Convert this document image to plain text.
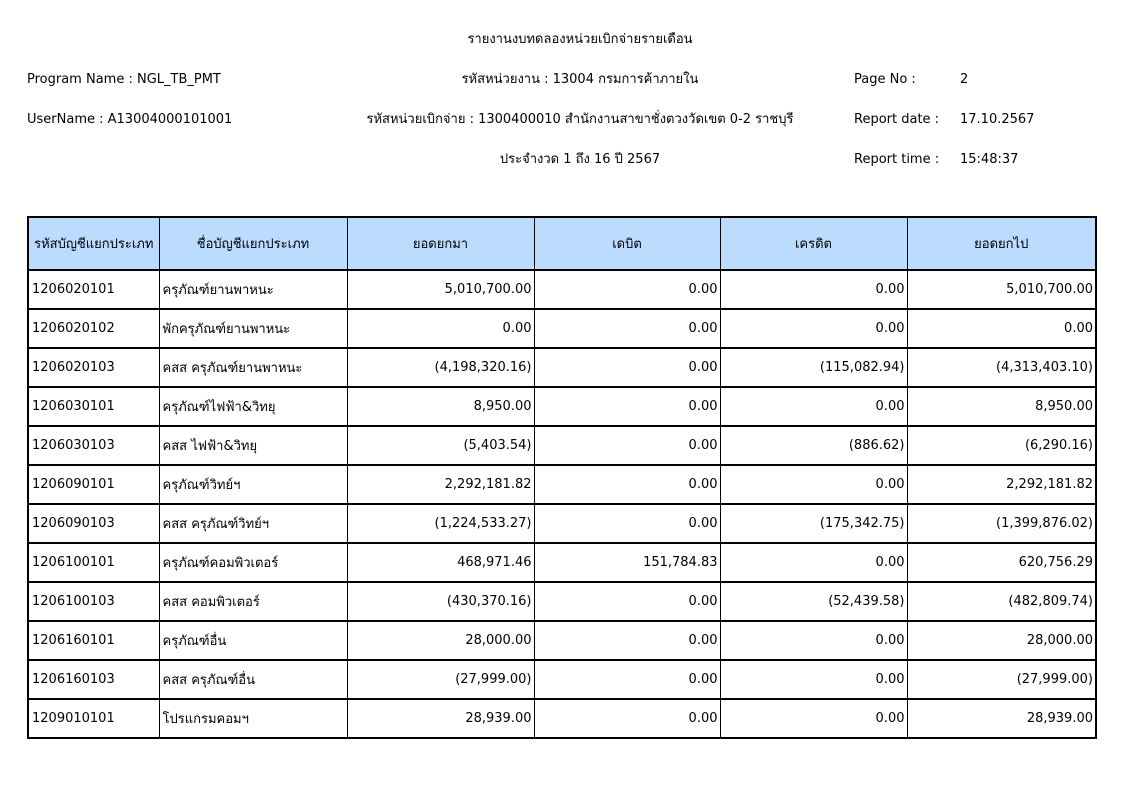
รายงานงบทดลองหน่วยเบิกจ่ายรายเดือน
Program Name : NGL_TB_PMT	รหัสหน่วยงาน : 13004 กรมการค้าภายใน	Page No :	2
UserName : A13004000101001	รหัสหน่วยเบิกจ่าย : 1300400010 สำนักงานสาขาชั่งตวงวัดเขต 0-2 ราชบุรี	Report date : 17.10.2567
ประจำงวด 1 ถึง 16 ปี 2567	Report time : 15:48:37
รหัสบัญชีแยกประเภท	ชื่อบัญชีแยกประเภท	ยอดยกมา	เดบิต	เครดิต	ยอดยกไป
1206020101	ครุภัณฑ์ยานพาหนะ	5,010,700.00	0.00	0.00	5,010,700.00
1206020102	พักครุภัณฑ์ยานพาหนะ	0.00	0.00	0.00	0.00
1206020103	คสส ครุภัณฑ์ยานพาหนะ	(4,198,320.16)	0.00	(115,082.94)	(4,313,403.10)
1206030101	ครุภัณฑ์ไฟฟ้า&วิทยุ	8,950.00	0.00	0.00	8,950.00
1206030103	คสส ไฟฟ้า&วิทยุ	(5,403.54)	0.00	(886.62)	(6,290.16)
1206090101	ครุภัณฑ์วิทย์ฯ	2,292,181.82	0.00	0.00	2,292,181.82
1206090103	คสส ครุภัณฑ์วิทย์ฯ	(1,224,533.27)	0.00	(175,342.75)	(1,399,876.02)
1206100101	ครุภัณฑ์คอมพิวเตอร์	468,971.46	151,784.83	0.00	620,756.29
1206100103	คสส คอมพิวเตอร์	(430,370.16)	0.00	(52,439.58)	(482,809.74)
1206160101	ครุภัณฑ์อื่น	28,000.00	0.00	0.00	28,000.00
1206160103	คสส ครุภัณฑ์อื่น	(27,999.00)	0.00	0.00	(27,999.00)
1209010101	โปรแกรมคอมฯ	28,939.00	0.00	0.00	28,939.00
